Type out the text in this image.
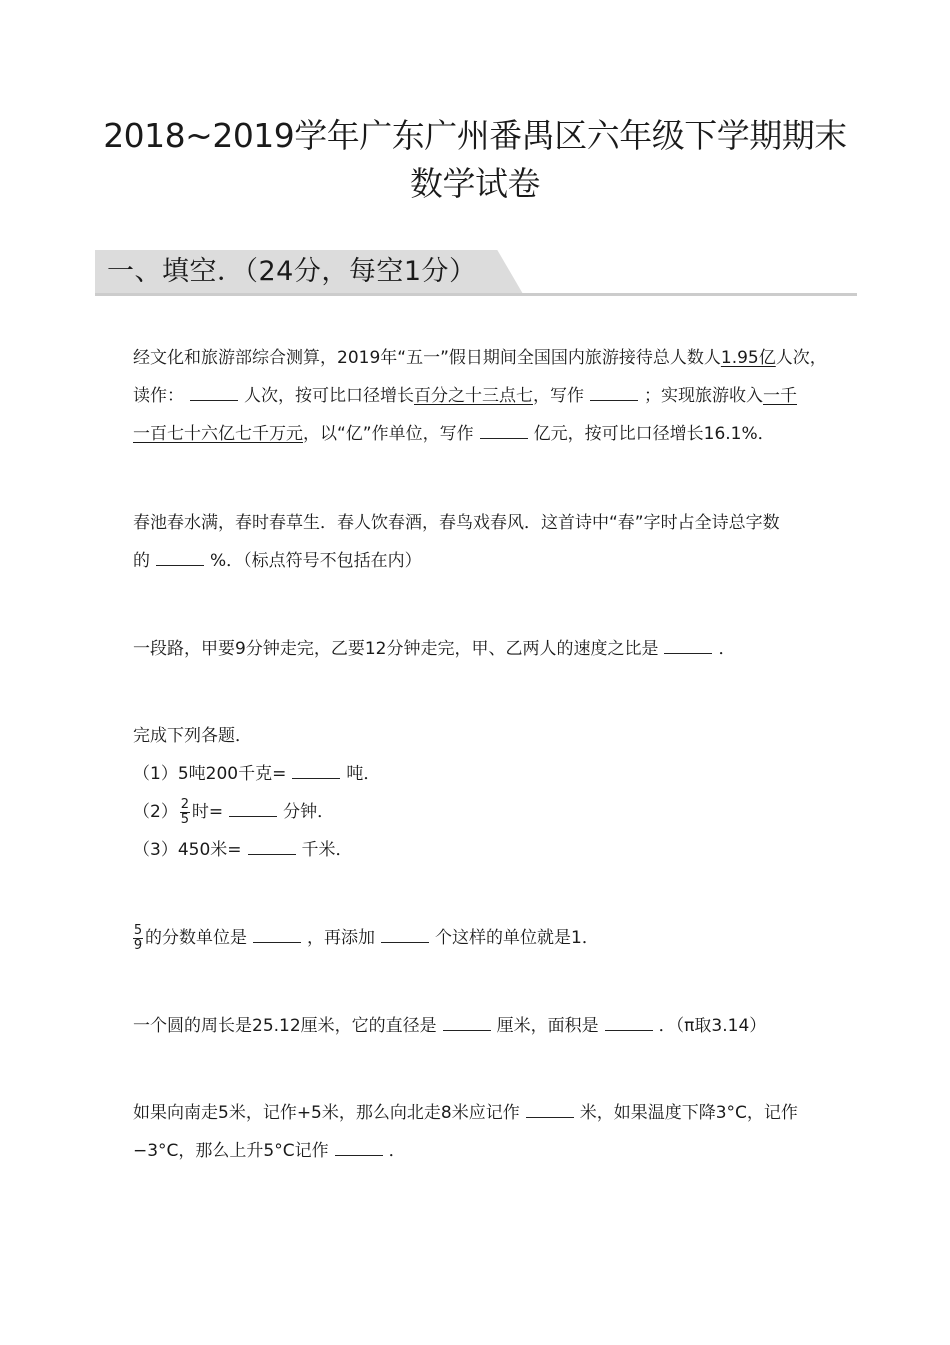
2018~2019学年广东广州番禺区六年级下学期期末
数学试卷
一、填空．（24分，每空1分）
经文化和旅游部综合测算，2019年“五一”假日期间全国国内旅游接待总人数人1.95亿人次，
读作：	人次，按可比口径增长百分之十三点七，写作	；实现旅游收入一千
一百七十六亿七千万元，以“亿”作单位，写作	亿元，按可比口径增长16.1%．
春池春水满，春时春草生．春人饮春酒，春鸟戏春风．这首诗中“春”字时占全诗总字数
的	%．（标点符号不包括在内）
一段路，甲要9分钟走完，乙要12分钟走完，甲、乙两人的速度之比是	．
完成下列各题．
（1）5吨200千克=	吨．
$(2) \frac{2}{5}$ 时=	分钟．
（3）450米=	千米．
$\frac{5}{9}$ 的分数单位是	，再添加	个这样的单位就是1．
一个圆的周长是25.12厘米，它的直径是	厘米，面积是	．（π取3.14）
如果向南走5米，记作+5米，那么向北走8米应记作	米，如果温度下降3°C，记作
−3°C，那么上升5°C记作	．
